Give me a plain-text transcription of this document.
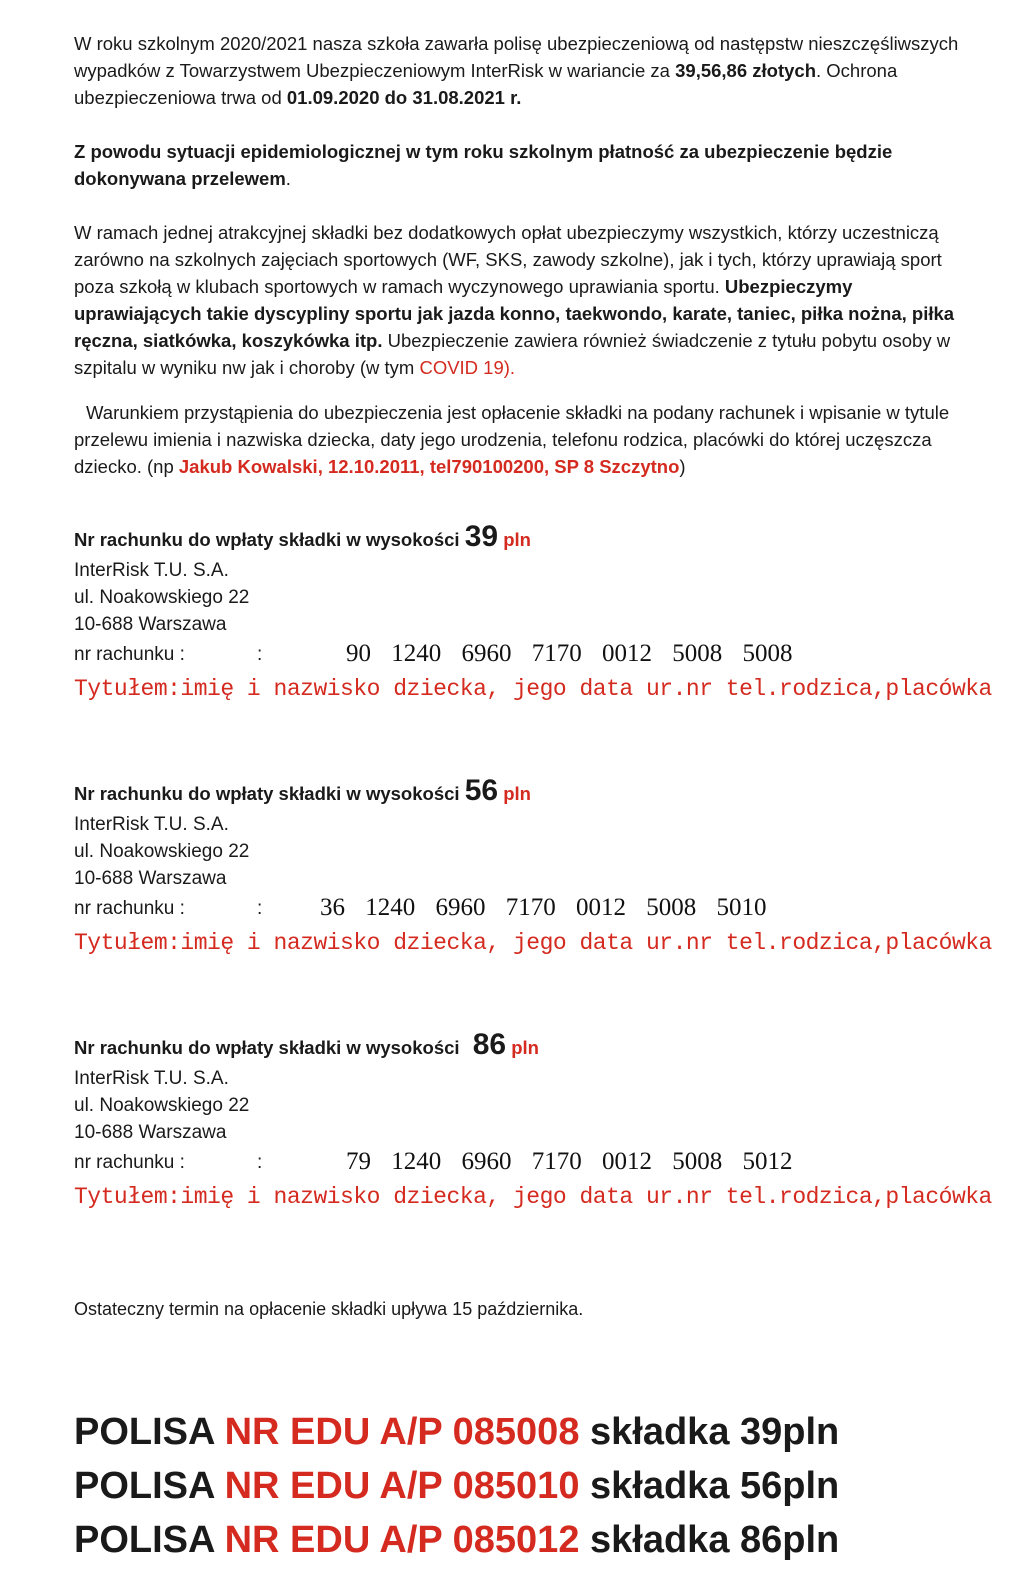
W roku szkolnym 2020/2021 nasza szkoła zawarła polisę ubezpieczeniową od następstw nieszczęśliwszych wypadków z Towarzystwem Ubezpieczeniowym InterRisk w wariancie za 39,56,86 złotych. Ochrona ubezpieczeniowa trwa od 01.09.2020 do 31.08.2021 r.

Z powodu sytuacji epidemiologicznej w tym roku szkolnym płatność za ubezpieczenie będzie dokonywana przelewem.

W ramach jednej atrakcyjnej składki bez dodatkowych opłat ubezpieczymy wszystkich, którzy uczestniczą zarówno na szkolnych zajęciach sportowych (WF, SKS, zawody szkolne), jak i tych, którzy uprawiają sport poza szkołą w klubach sportowych w ramach wyczynowego uprawiania sportu. Ubezpieczymy uprawiających takie dyscypliny sportu jak jazda konno, taekwondo, karate, taniec, piłka nożna, piłka ręczna, siatkówka, koszykówka itp. Ubezpieczenie zawiera również świadczenie z tytułu pobytu osoby w szpitalu w wyniku nw jak i choroby (w tym COVID 19).

Warunkiem przystąpienia do ubezpieczenia jest opłacenie składki na podany rachunek i wpisanie w tytule przelewu imienia i nazwiska dziecka, daty jego urodzenia, telefonu rodzica, placówki do której uczęszcza dziecko. (np Jakub Kowalski, 12.10.2011, tel790100200, SP 8 Szczytno)

Nr rachunku do wpłaty składki w wysokości 39 pln
InterRisk T.U. S.A.
ul. Noakowskiego 22
10-688 Warszawa
nr rachunku :	:	90 1240 6960 7170 0012 5008 5008
Tytułem:imię i nazwisko dziecka, jego data ur.nr tel.rodzica,placówka
Nr rachunku do wpłaty składki w wysokości 56 pln
InterRisk T.U. S.A.
ul. Noakowskiego 22
10-688 Warszawa
nr rachunku :	: 36 1240 6960 7170 0012 5008 5010
Tytułem:imię i nazwisko dziecka, jego data ur.nr tel.rodzica,placówka
Nr rachunku do wpłaty składki w wysokości 86 pln
InterRisk T.U. S.A.
ul. Noakowskiego 22
10-688 Warszawa
nr rachunku :	:	79 1240 6960 7170 0012 5008 5012
Tytułem:imię i nazwisko dziecka, jego data ur.nr tel.rodzica,placówka
Ostateczny termin na opłacenie składki upływa 15 października.
POLISA NR EDU A/P 085008 składka 39pln
POLISA NR EDU A/P 085010 składka 56pln
POLISA NR EDU A/P 085012 składka 86pln
